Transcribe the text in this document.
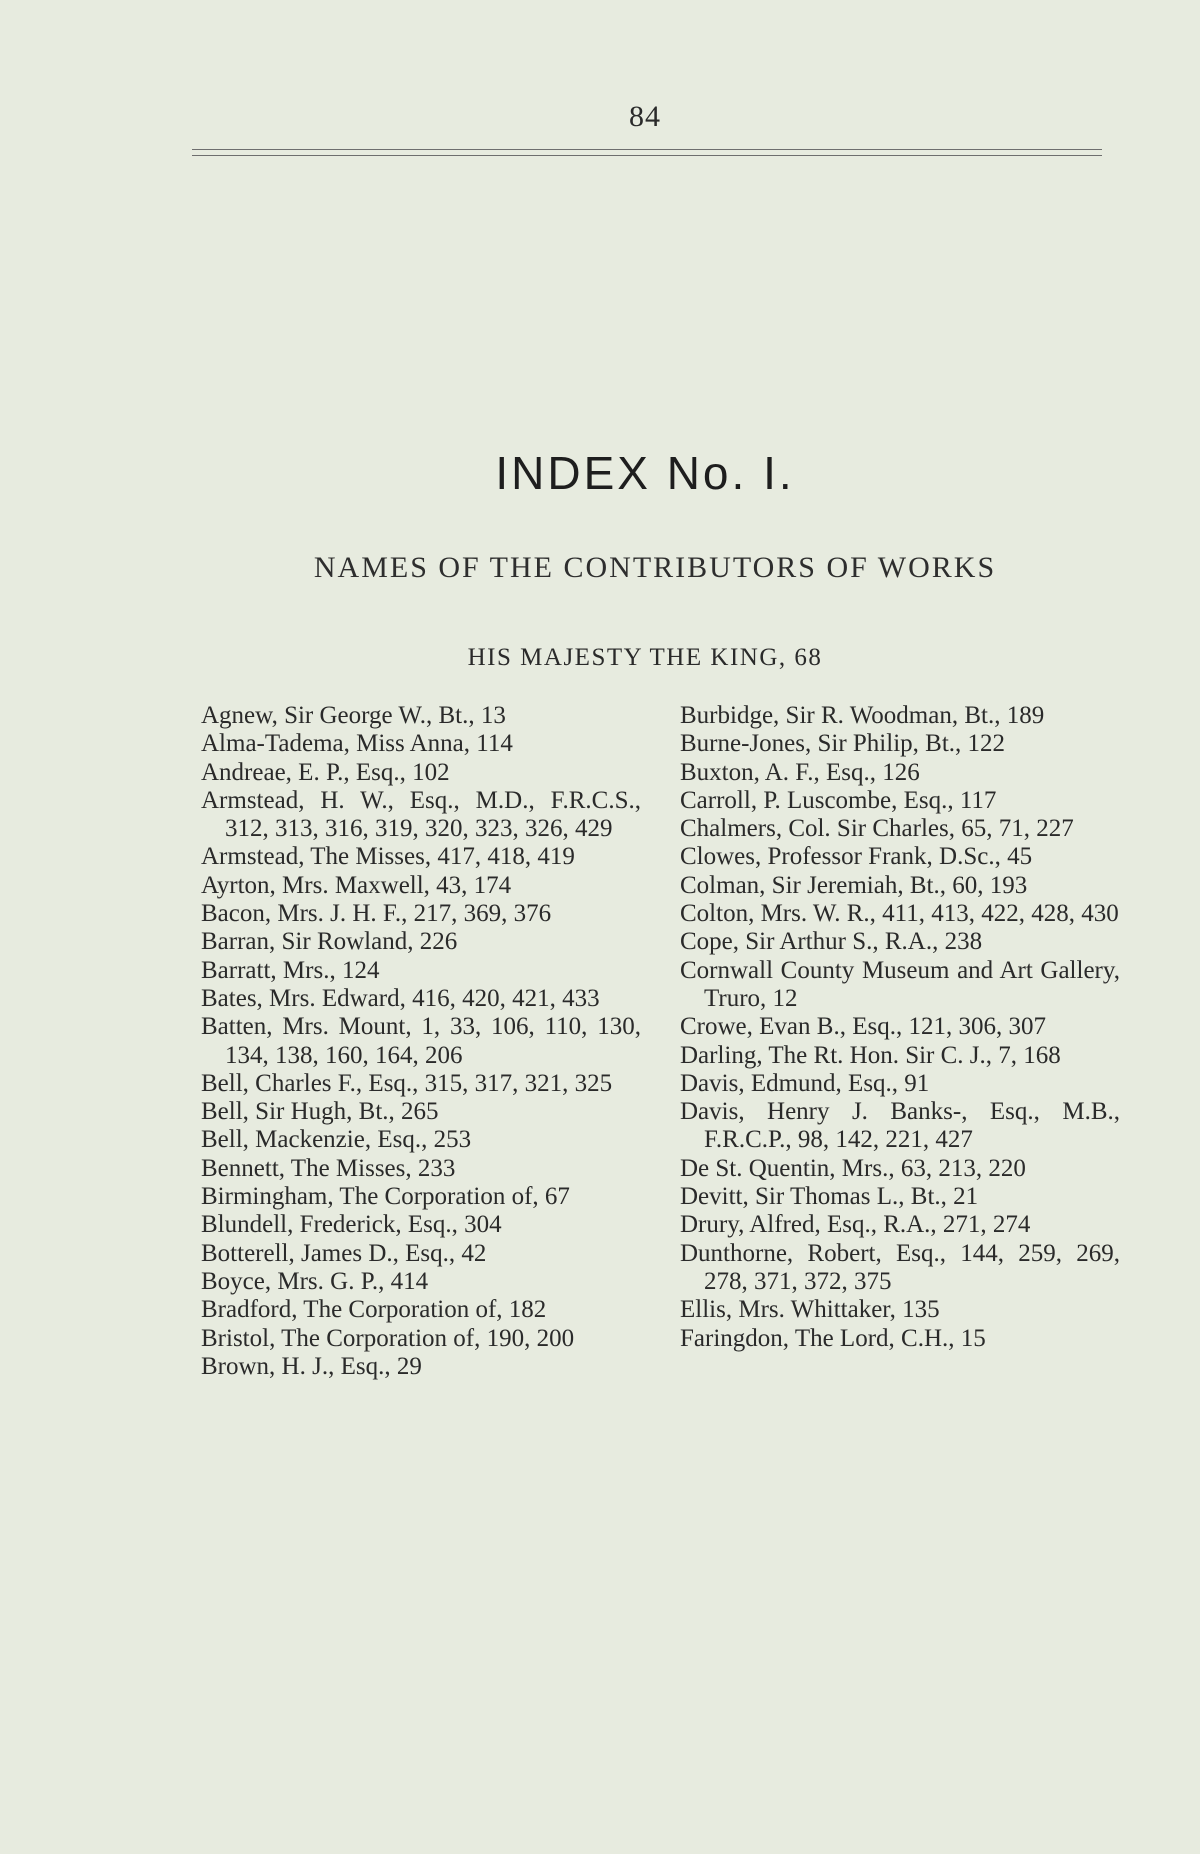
84
INDEX No. I.
NAMES OF THE CONTRIBUTORS OF WORKS
HIS MAJESTY THE KING, 68
Agnew, Sir George W., Bt., 13
Alma-Tadema, Miss Anna, 114
Andreae, E. P., Esq., 102
Armstead, H. W., Esq., M.D., F.R.C.S., 312, 313, 316, 319, 320, 323, 326, 429
Armstead, The Misses, 417, 418, 419
Ayrton, Mrs. Maxwell, 43, 174
Bacon, Mrs. J. H. F., 217, 369, 376
Barran, Sir Rowland, 226
Barratt, Mrs., 124
Bates, Mrs. Edward, 416, 420, 421, 433
Batten, Mrs. Mount, 1, 33, 106, 110, 130, 134, 138, 160, 164, 206
Bell, Charles F., Esq., 315, 317, 321, 325
Bell, Sir Hugh, Bt., 265
Bell, Mackenzie, Esq., 253
Bennett, The Misses, 233
Birmingham, The Corporation of, 67
Blundell, Frederick, Esq., 304
Botterell, James D., Esq., 42
Boyce, Mrs. G. P., 414
Bradford, The Corporation of, 182
Bristol, The Corporation of, 190, 200
Brown, H. J., Esq., 29
Burbidge, Sir R. Woodman, Bt., 189
Burne-Jones, Sir Philip, Bt., 122
Buxton, A. F., Esq., 126
Carroll, P. Luscombe, Esq., 117
Chalmers, Col. Sir Charles, 65, 71, 227
Clowes, Professor Frank, D.Sc., 45
Colman, Sir Jeremiah, Bt., 60, 193
Colton, Mrs. W. R., 411, 413, 422, 428, 430
Cope, Sir Arthur S., R.A., 238
Cornwall County Museum and Art Gallery, Truro, 12
Crowe, Evan B., Esq., 121, 306, 307
Darling, The Rt. Hon. Sir C. J., 7, 168
Davis, Edmund, Esq., 91
Davis, Henry J. Banks-, Esq., M.B., F.R.C.P., 98, 142, 221, 427
De St. Quentin, Mrs., 63, 213, 220
Devitt, Sir Thomas L., Bt., 21
Drury, Alfred, Esq., R.A., 271, 274
Dunthorne, Robert, Esq., 144, 259, 269, 278, 371, 372, 375
Ellis, Mrs. Whittaker, 135
Faringdon, The Lord, C.H., 15
